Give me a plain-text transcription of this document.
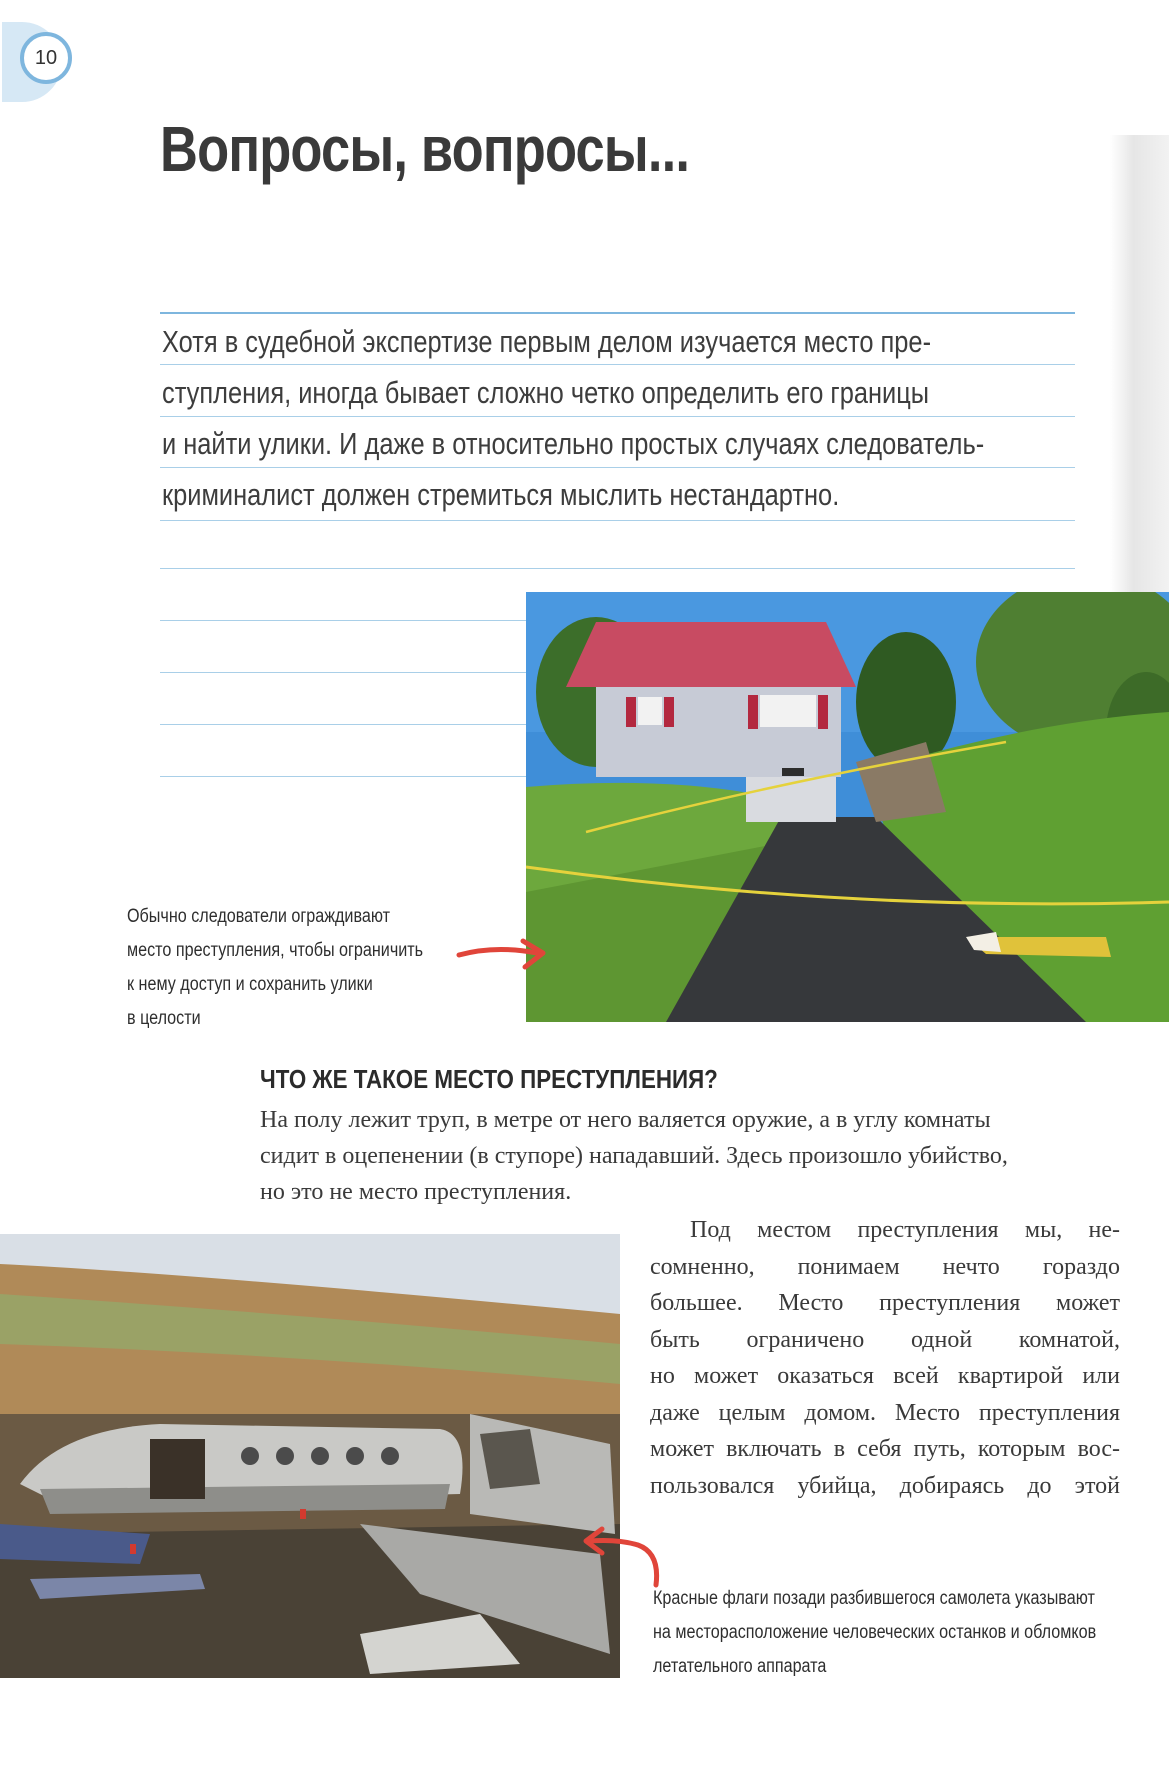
10
Вопросы, вопросы...
Хотя в судебной экспертизе первым делом изучается место пре-
ступления, иногда бывает сложно четко определить его границы
и найти улики. И даже в относительно простых случаях следователь-
криминалист должен стремиться мыслить нестандартно.
Обычно следователи ограждивают
место преступления, чтобы ограничить
к нему доступ и сохранить улики
в целости
ЧТО ЖЕ ТАКОЕ МЕСТО ПРЕСТУПЛЕНИЯ?
На полу лежит труп, в метре от него валяется оружие, а в углу комнаты
сидит в оцепенении (в ступоре) нападавший. Здесь произошло убийство,
но это не место преступления.
Под местом преступления мы, не-
сомненно, понимаем нечто гораздо
большее. Место преступления может
быть ограничено одной комнатой,
но может оказаться всей квартирой или
даже целым домом. Место преступления
может включать в себя путь, которым вос-
пользовался убийца, добираясь до этой
Красные флаги позади разбившегося самолета указывают
на месторасположение человеческих останков и обломков
летательного аппарата
